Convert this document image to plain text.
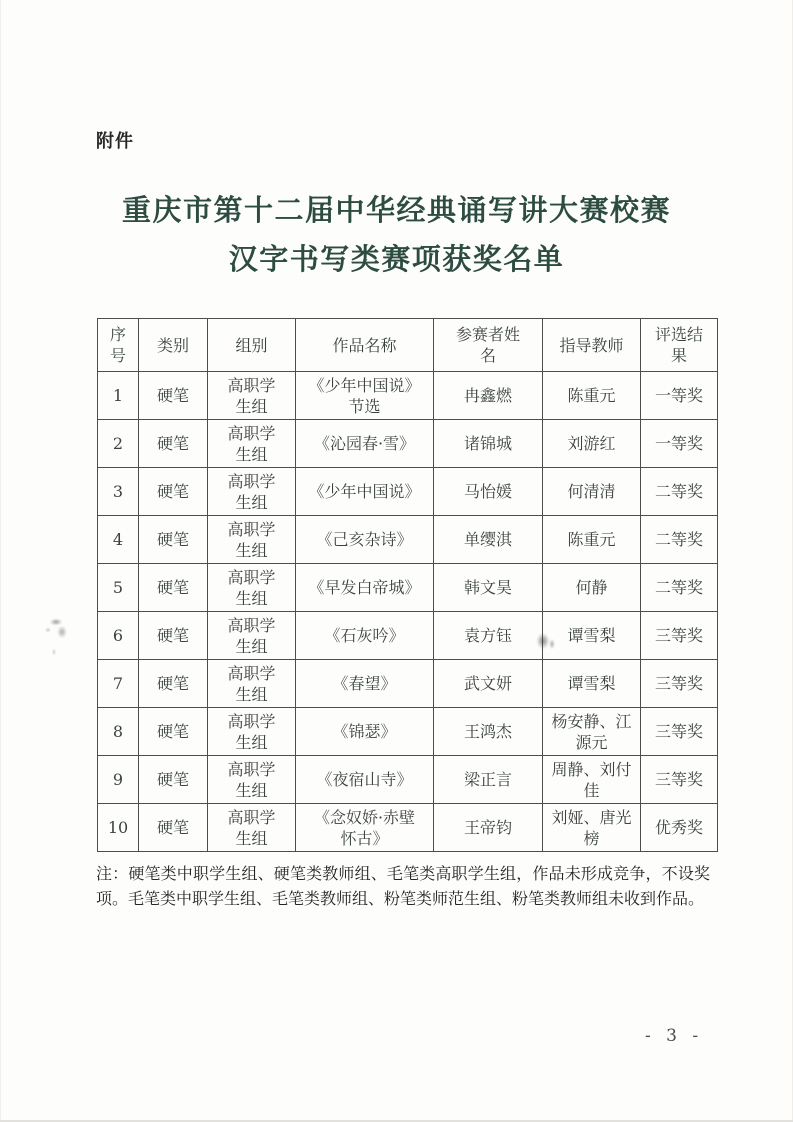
附件
重庆市第十二届中华经典诵写讲大赛校赛
汉字书写类赛项获奖名单
序号	类别	组别	作品名称	参赛者姓名	指导教师	评选结果
1	硬笔	高职学生组	《少年中国说》节选	冉鑫燃	陈重元	一等奖
2	硬笔	高职学生组	《沁园春·雪》	诸锦城	刘游红	一等奖
3	硬笔	高职学生组	《少年中国说》	马怡媛	何清清	二等奖
4	硬笔	高职学生组	《己亥杂诗》	单缨淇	陈重元	二等奖
5	硬笔	高职学生组	《早发白帝城》	韩文昊	何静	二等奖
6	硬笔	高职学生组	《石灰吟》	袁方钰	谭雪梨	三等奖
7	硬笔	高职学生组	《春望》	武文妍	谭雪梨	三等奖
8	硬笔	高职学生组	《锦瑟》	王鸿杰	杨安静、江源元	三等奖
9	硬笔	高职学生组	《夜宿山寺》	梁正言	周静、刘付佳	三等奖
10	硬笔	高职学生组	《念奴娇·赤壁怀古》	王帝钧	刘娅、唐光榜	优秀奖
注：硬笔类中职学生组、硬笔类教师组、毛笔类高职学生组，作品未形成竞争，不设奖项。毛笔类中职学生组、毛笔类教师组、粉笔类师范生组、粉笔类教师组未收到作品。
- 3 -
